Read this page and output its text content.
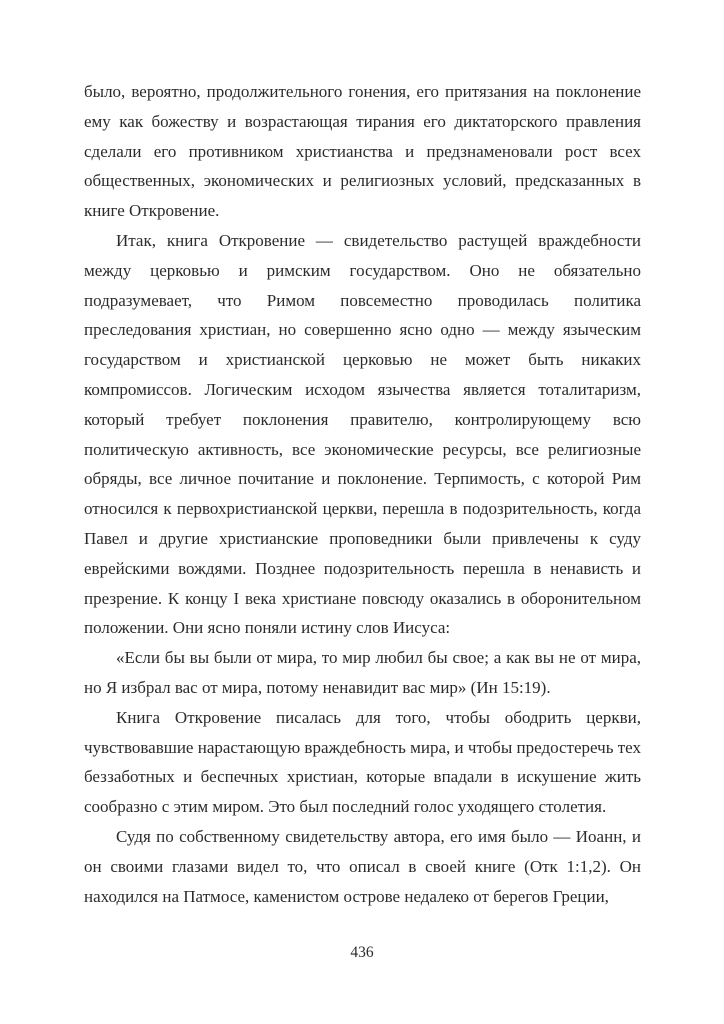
было, вероятно, продолжительного гонения, его притязания на поклонение ему как божеству и возрастающая тирания его диктаторского правления сделали его противником христианства и предзнаменовали рост всех общественных, экономических и религиозных условий, предсказанных в книге Откровение.

Итак, книга Откровение — свидетельство растущей враждебности между церковью и римским государством. Оно не обязательно подразумевает, что Римом повсеместно проводилась политика преследования христиан, но совершенно ясно одно — между языческим государством и христианской церковью не может быть никаких компромиссов. Логическим исходом язычества является тоталитаризм, который требует поклонения правителю, контролирующему всю политическую активность, все экономические ресурсы, все религиозные обряды, все личное почитание и поклонение. Терпимость, с которой Рим относился к первохристианской церкви, перешла в подозрительность, когда Павел и другие христианские проповедники были привлечены к суду еврейскими вождями. Позднее подозрительность перешла в ненависть и презрение. К концу I века христиане повсюду оказались в оборонительном положении. Они ясно поняли истину слов Иисуса:

«Если бы вы были от мира, то мир любил бы свое; а как вы не от мира, но Я избрал вас от мира, потому ненавидит вас мир» (Ин 15:19).

Книга Откровение писалась для того, чтобы ободрить церкви, чувствовавшие нарастающую враждебность мира, и чтобы предостеречь тех беззаботных и беспечных христиан, которые впадали в искушение жить сообразно с этим миром. Это был последний голос уходящего столетия.

Судя по собственному свидетельству автора, его имя было — Иоанн, и он своими глазами видел то, что описал в своей книге (Отк 1:1,2). Он находился на Патмосе, каменистом острове недалеко от берегов Греции,

436
